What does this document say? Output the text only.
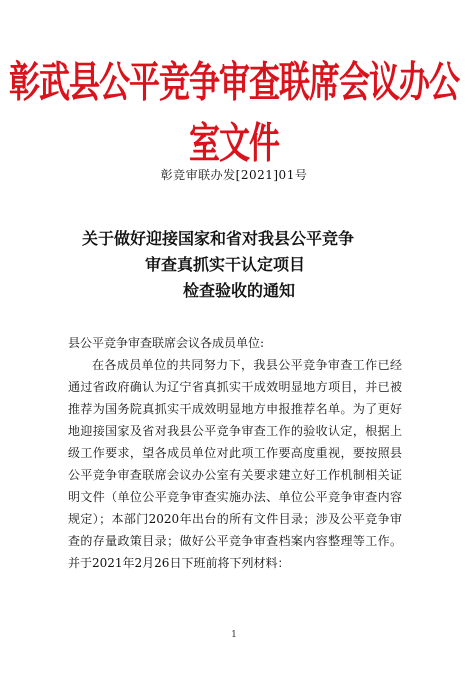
彰武县公平竞争审查联席会议办公室文件
彰竞审联办发[2021]01号
关于做好迎接国家和省对我县公平竞争
审查真抓实干认定项目
检查验收的通知
县公平竞争审查联席会议各成员单位:
在各成员单位的共同努力下，我县公平竞争审查工作已经通过省政府确认为辽宁省真抓实干成效明显地方项目，并已被推荐为国务院真抓实干成效明显地方申报推荐名单。为了更好地迎接国家及省对我县公平竞争审查工作的验收认定，根据上级工作要求，望各成员单位对此项工作要高度重视，要按照县公平竞争审查联席会议办公室有关要求建立好工作机制相关证明文件（单位公平竞争审查实施办法、单位公平竞争审查内容规定）；本部门2020年出台的所有文件目录；涉及公平竞争审查的存量政策目录；做好公平竞争审查档案内容整理等工作。并于2021年2月26日下班前将下列材料：
1
